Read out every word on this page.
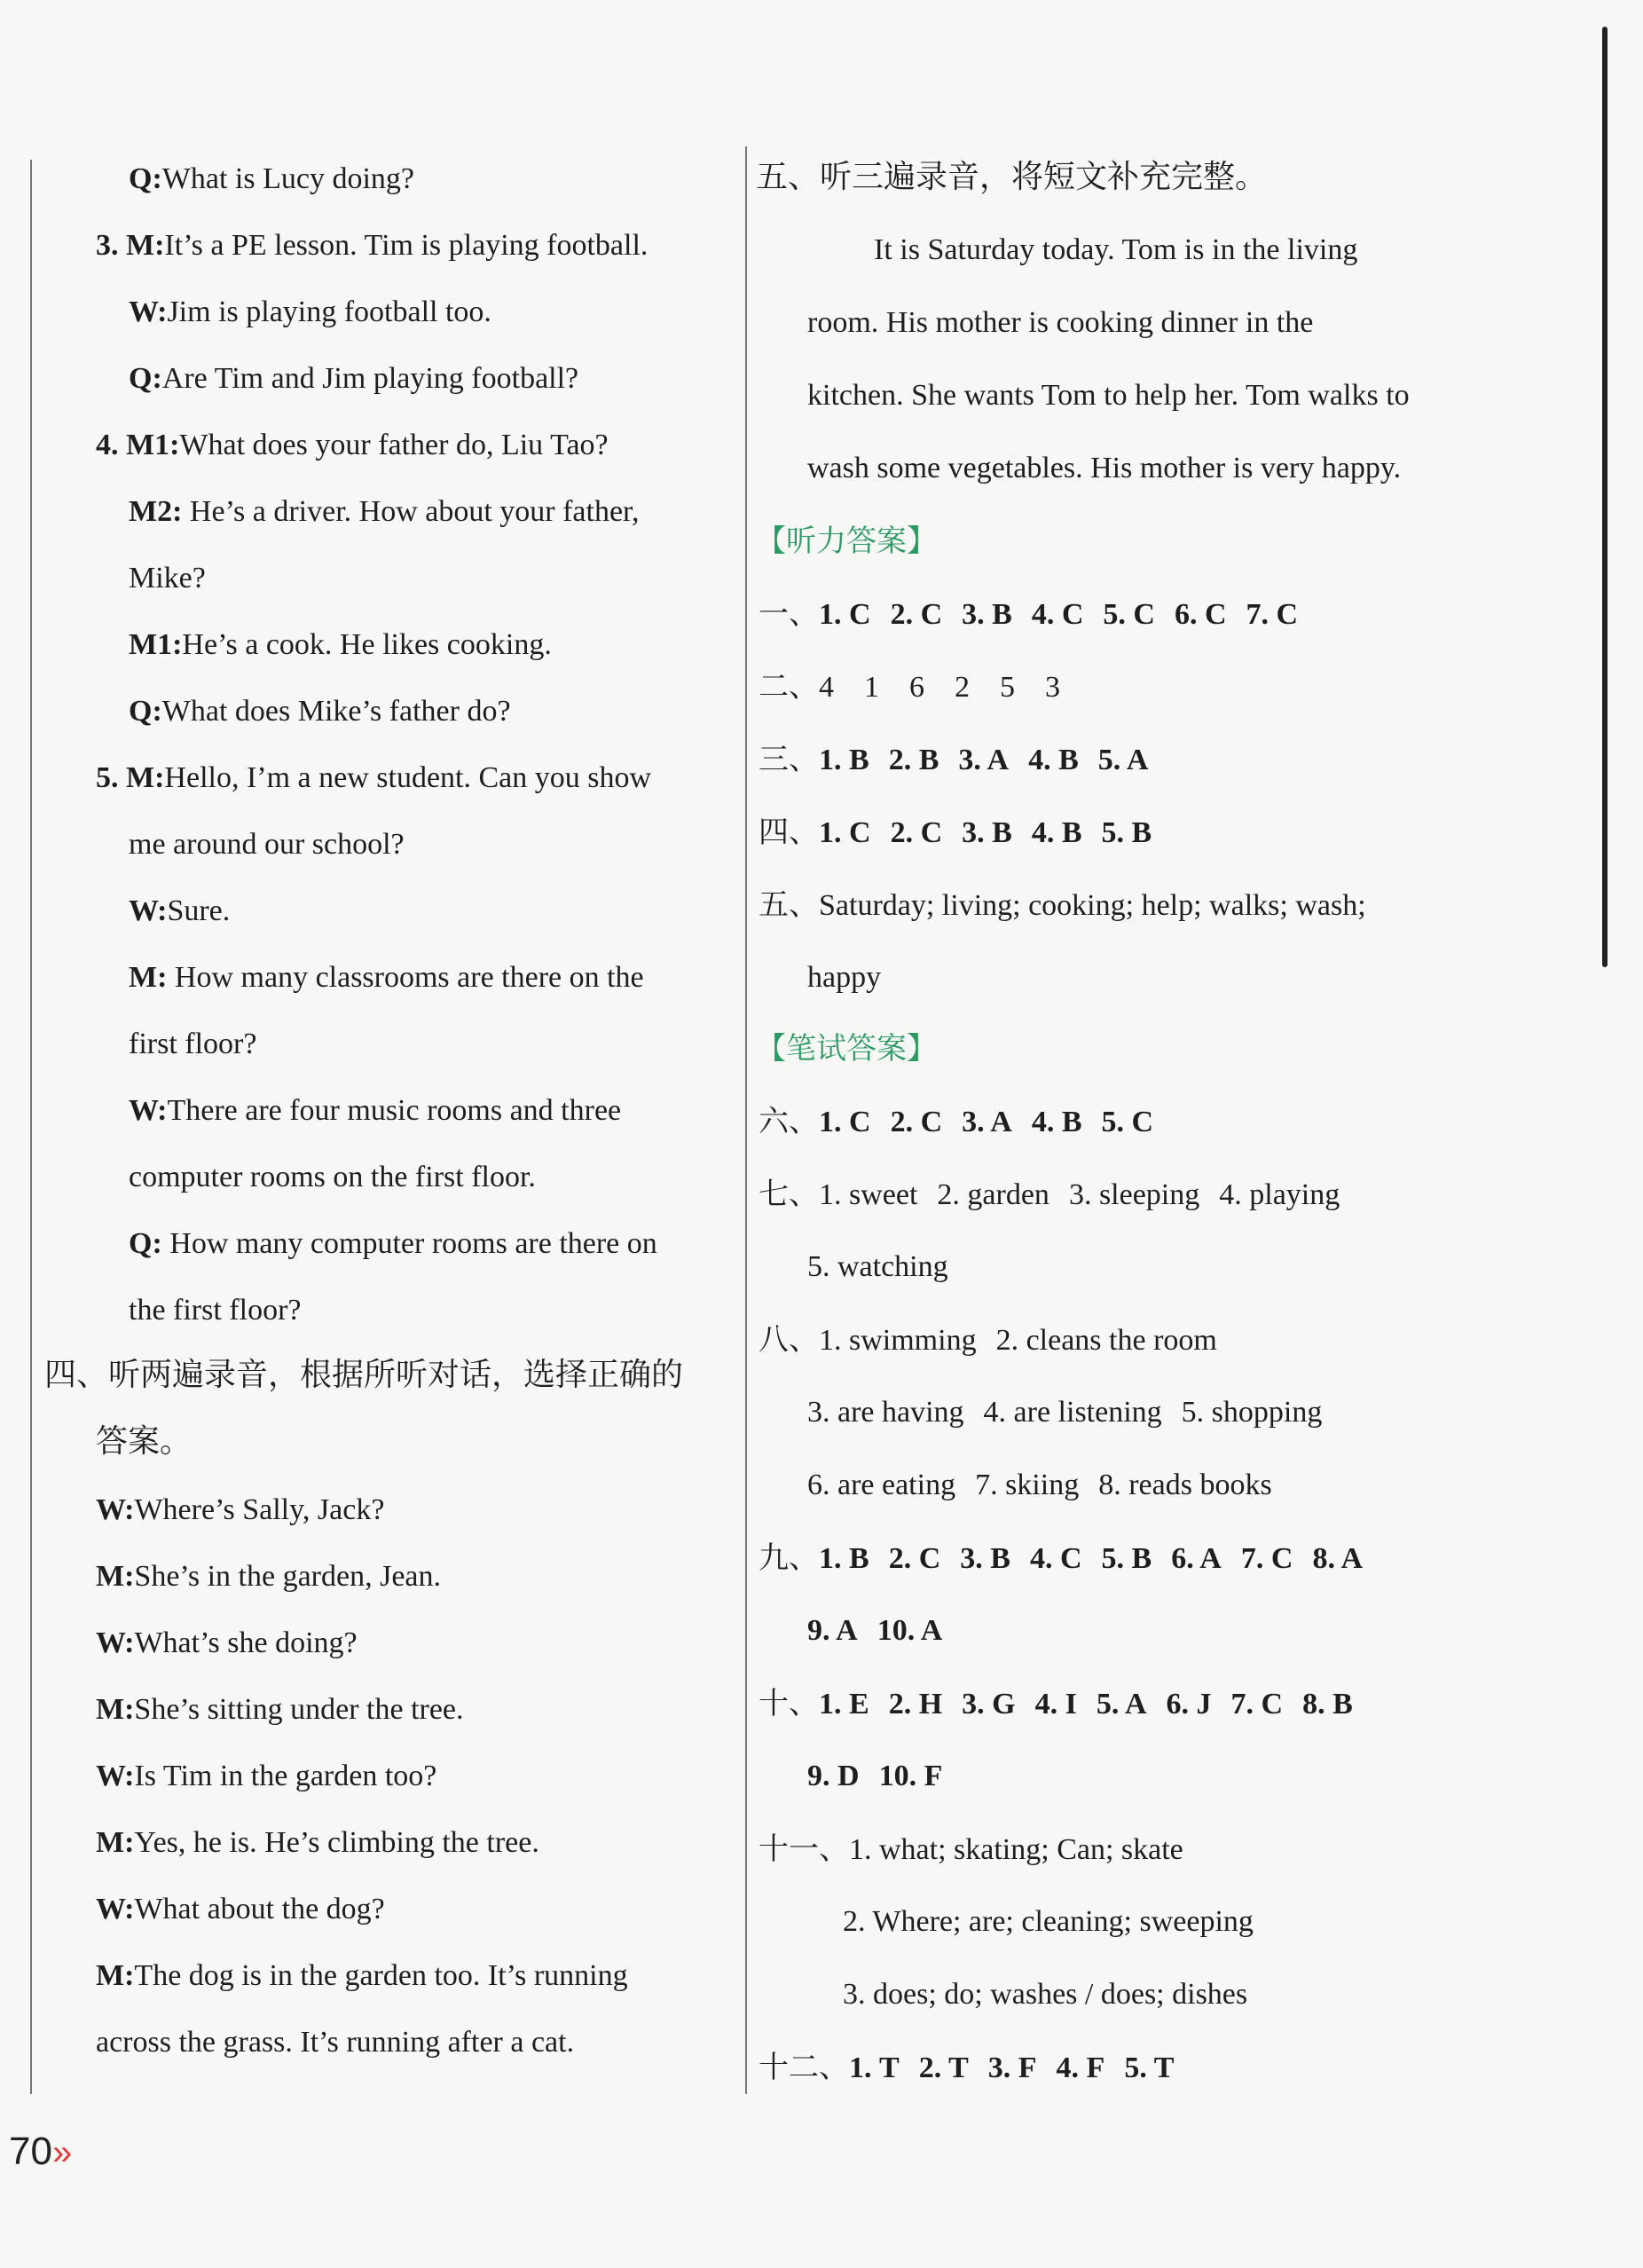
Q:What is Lucy doing?
3. M:It’s a PE lesson. Tim is playing football.
W:Jim is playing football too.
Q:Are Tim and Jim playing football?
4. M1:What does your father do, Liu Tao?
M2: He’s a driver. How about your father,
Mike?
M1:He’s a cook. He likes cooking.
Q:What does Mike’s father do?
5. M:Hello, I’m a new student. Can you show
me around our school?
W:Sure.
M: How many classrooms are there on the
first floor?
W:There are four music rooms and three
computer rooms on the first floor.
Q: How many computer rooms are there on
the first floor?
四、听两遍录音，根据所听对话，选择正确的
答案。
W:Where’s Sally, Jack?
M:She’s in the garden, Jean.
W:What’s she doing?
M:She’s sitting under the tree.
W:Is Tim in the garden too?
M:Yes, he is. He’s climbing the tree.
W:What about the dog?
M:The dog is in the garden too. It’s running
across the grass. It’s running after a cat.
五、听三遍录音，将短文补充完整。
It is Saturday today. Tom is in the living
room. His mother is cooking dinner in the
kitchen. She wants Tom to help her. Tom walks to
wash some vegetables. His mother is very happy.
【听力答案】
一、1. C 2. C 3. B 4. C 5. C 6. C 7. C
二、4　1　6　2　5　3
三、1. B 2. B 3. A 4. B 5. A
四、1. C 2. C 3. B 4. B 5. B
五、Saturday; living; cooking; help; walks; wash;
happy
【笔试答案】
六、1. C 2. C 3. A 4. B 5. C
七、1. sweet 2. garden 3. sleeping 4. playing
5. watching
八、1. swimming 2. cleans the room
3. are having 4. are listening 5. shopping
6. are eating 7. skiing 8. reads books
九、1. B 2. C 3. B 4. C 5. B 6. A 7. C 8. A
9. A 10. A
十、1. E 2. H 3. G 4. I 5. A 6. J 7. C 8. B
9. D 10. F
十一、1. what; skating; Can; skate
2. Where; are; cleaning; sweeping
3. does; do; washes / does; dishes
十二、1. T 2. T 3. F 4. F 5. T
70»
